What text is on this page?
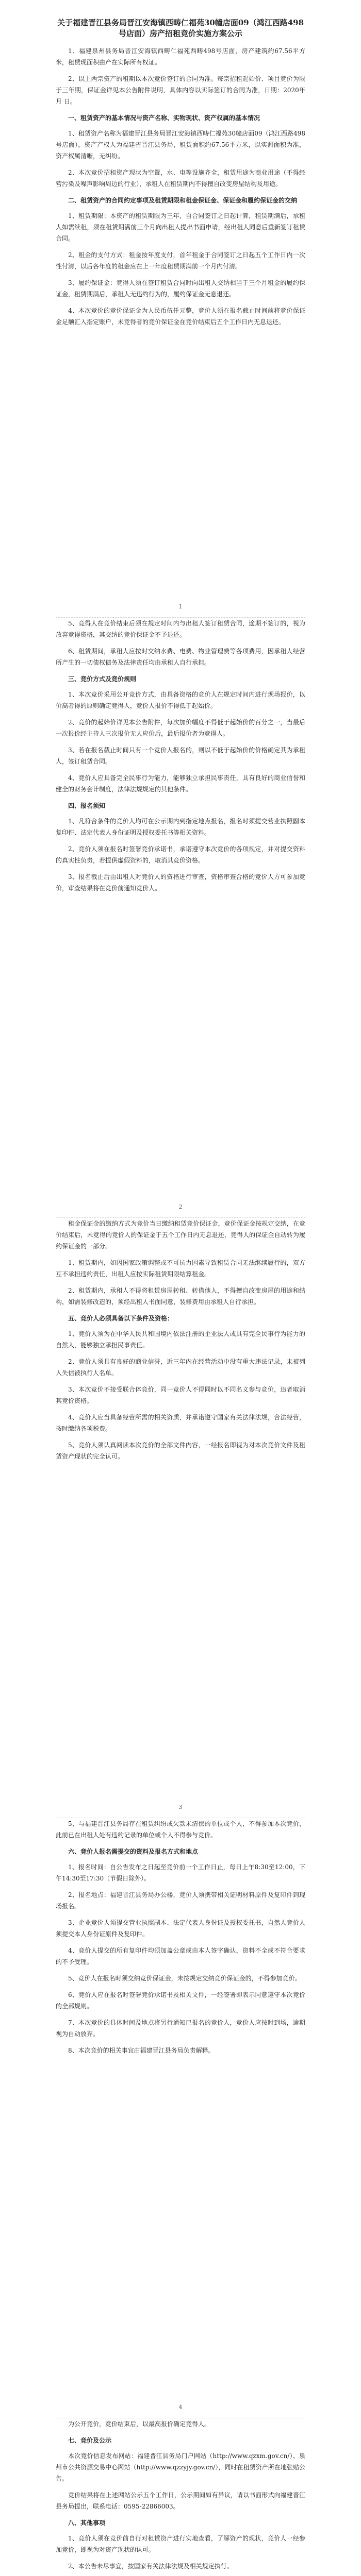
关于福建晋江县务局晋江安海镇西畴仁福苑30幢店面09（鸿江西路498号店面）房产招租竞价实施方案公示

1、福建泉州县务局晋江安海镇西畴仁福苑西畴498号店面，房产建筑约67.56平方米，租赁现面积由产在实际所有权证。

2、以上两宗资产的租期以本次竞价签订的合同为准。每宗招租起始价、项目竞价为限于三年期，保证金详见本公告附件说明，具体内容以实际签订的合同为准，日期：2020年 月 日。

一、租赁资产的基本情况与资产名称、实物现状、资产权属的基本情况

1、租赁资产名称为福建晋江县务局晋江安海镇西畴仁福苑30幢店面09（鸿江西路498号店面），资产产权人为福建省晋江县务局，租赁面积约67.56平方米，以实测面积为准，资产权属清晰，无纠纷。

2、本次竞价招租资产现状为空置，水、电等设施齐全，租赁用途为商业用途（不得经营污染及噪声影响周边的行业），承租人在租赁期内不得擅自改变房屋结构及用途。

二、租赁资产的合同约定事项及租赁期限和租金保证金、保证金和履约保证金的交纳

1、租赁期限：本资产的租赁期限为三年，自合同签订之日起计算，租赁期满后，承租人如需续租，须在租赁期满前三个月向出租人提出书面申请，经出租人同意后重新签订租赁合同。

2、租金的支付方式：租金按年度支付，首年租金于合同签订之日起五个工作日内一次性付清，以后各年度的租金应在上一年度租赁期满前一个月内付清。

3、履约保证金：竞得人须在签订租赁合同时向出租人交纳相当于三个月租金的履约保证金，租赁期满后，承租人无违约行为的，履约保证金无息退还。

4、本次竞价的竞价保证金为人民币伍仟元整，竞价人须在报名截止时间前将竞价保证金足额汇入指定账户，未竞得者的竞价保证金在竞价结束后五个工作日内无息退还。

1

5、竞得人在竞价结束后须在规定时间内与出租人签订租赁合同，逾期不签订的，视为放弃竞得资格，其交纳的竞价保证金不予退还。

6、租赁期间，承租人应按时交纳水费、电费、物业管理费等各项费用，因承租人经营所产生的一切债权债务及法律责任均由承租人自行承担。

三、竞价方式及竞价规则

1、本次竞价采用公开竞价方式，由具备资格的竞价人在规定时间内进行现场报价，以价高者得的原则确定竞得人，竞价人报价不得低于起始价。

2、竞价的起始价详见本公告附件，每次加价幅度不得低于起始价的百分之一，当最后一次报价经主持人三次报价无人应价后，最后报价者为竞得人。

3、若在报名截止时间只有一个竞价人报名的，则以不低于起始价的价格确定其为承租人，签订租赁合同。

4、竞价人应具备完全民事行为能力，能够独立承担民事责任，具有良好的商业信誉和健全的财务会计制度，法律法规规定的其他条件。

四、报名须知

1、凡符合条件的竞价人均可在公示期内到指定地点报名，报名时须提交营业执照副本复印件、法定代表人身份证明及授权委托书等相关资料。

2、竞价人须在报名时签署竞价承诺书，承诺遵守本次竞价的各项规定，并对提交资料的真实性负责，若提供虚假资料的，取消其竞价资格。

3、报名截止后由出租人对竞价人的资格进行审查，资格审查合格的竞价人方可参加竞价，审查结果将在竞价前通知竞价人。

2

租金保证金的缴纳方式为竞价当日缴纳租赁竞价保证金，竞价保证金按规定交纳，在竞价结束后，未竞得的竞价人的保证金于五个工作日内无息退还，竞得人的保证金自动转为履约保证金的一部分。

1、租赁期内，如因国家政策调整或不可抗力因素导致租赁合同无法继续履行的，双方互不承担违约责任，出租人应按实际租赁期限结算租金。

2、租赁期内，承租人不得将租赁房屋转租、转借他人，不得擅自改变房屋的用途和结构，如需装修改造的，须经出租人书面同意，装修费用由承租人自行承担。

五、竞价人必须具备以下条件及资格：

1、竞价人须为在中华人民共和国境内依法注册的企业法人或具有完全民事行为能力的自然人，能够独立承担民事责任。

2、竞价人须具有良好的商业信誉，近三年内在经营活动中没有重大违法记录，未被列入失信被执行人名单。

3、本次竞价不接受联合体竞价，同一竞价人不得同时以不同名义参与竞价，违者取消其竞价资格。

4、竞价人应当具备经营所需的相关资质，并承诺遵守国家有关法律法规，合法经营，按时缴纳各项税费。

5、竞价人须认真阅读本次竞价的全部文件内容，一经报名即视为对本次竞价文件及租赁资产现状的完全认可。

3

5、与福建晋江县务局存在租赁纠纷或欠款未清偿的单位或个人，不得参加本次竞价，此前已在出租人处有违约记录的单位或个人不得参与竞价。

六、竞价人报名需提交的资料及报名方式和地点

1、报名时间：自公告发布之日起至竞价前一个工作日止，每日上午8:30至12:00，下午14:30至17:30（节假日除外）。

2、报名地点：福建晋江县务局办公楼，竞价人须携带相关证明材料原件及复印件到现场报名。

3、企业竞价人须提交营业执照副本、法定代表人身份证及授权委托书，自然人竞价人须提交本人身份证原件及复印件。

4、竞价人提交的所有复印件均须加盖公章或由本人签字确认，资料不全或不符合要求的不予受理。

5、竞价人在报名时须交纳竞价保证金，未按规定交纳竞价保证金的，不得参加竞价。

6、竞价人应在报名时签署竞价承诺书及相关文件，一经签署即表示同意遵守本次竞价的全部规则。

7、本次竞价的具体时间及地点将另行通知已报名的竞价人，竞价人应按时到场，逾期视为自动放弃。

8、本次竞价的相关事宜由福建晋江县务局负责解释。

4

为公开竞价，竞价结束后，以最高报价确定竞得人。

七、竞价及公示

本次竞价信息发布网站：福建晋江县务局门户网站（http://www.qzxm.gov.cn/）、泉州市公共资源交易中心网站（http://www.qzzyjy.gov.cn/），同时在租赁资产所在地张贴公告。

竞价结果将在上述网站公示五个工作日，公示期间如有异议，请以书面形式向福建晋江县务局提出，联系电话：0595-22866003。

八、其他事项

1、竞价人须在竞价前自行对租赁资产进行实地查看，了解资产的现状，竞价人一经参加竞价，即视为对资产现状的认可。

2、本公告未尽事宜，按国家有关法律法规及相关规定执行。
